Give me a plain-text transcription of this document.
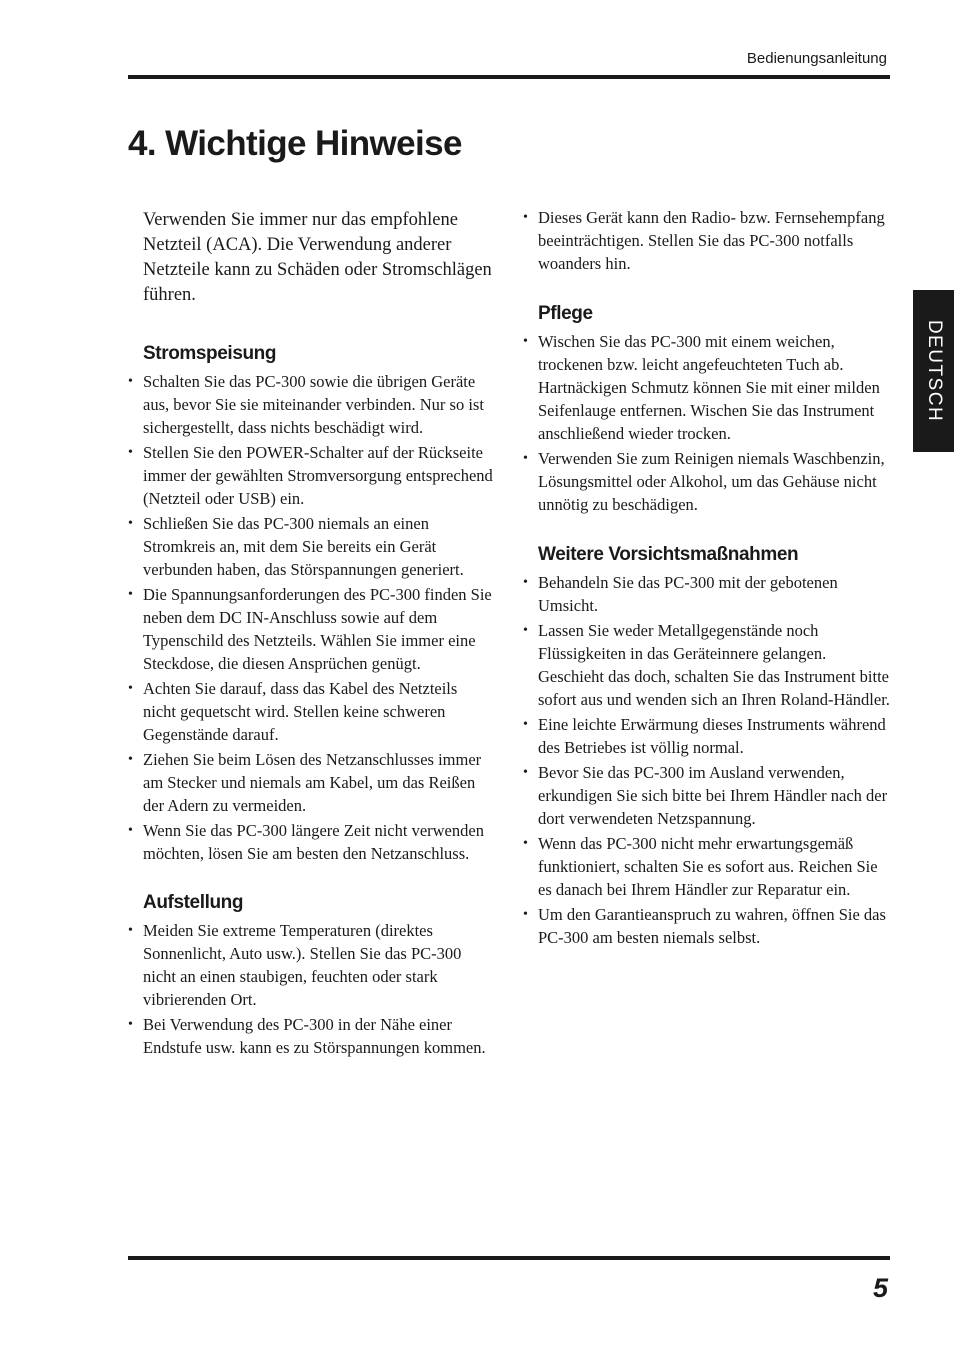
Bedienungsanleitung
4. Wichtige Hinweise
DEUTSCH

Verwenden Sie immer nur das empfohlene Netzteil (ACA). Die Verwendung anderer Netzteile kann zu Schäden oder Stromschlägen führen.

Stromspeisung
• Schalten Sie das PC-300 sowie die übrigen Geräte aus, bevor Sie sie miteinander verbinden. Nur so ist sichergestellt, dass nichts beschädigt wird.
• Stellen Sie den POWER-Schalter auf der Rückseite immer der gewählten Stromversorgung entsprechend (Netzteil oder USB) ein.
• Schließen Sie das PC-300 niemals an einen Stromkreis an, mit dem Sie bereits ein Gerät verbunden haben, das Störspannungen generiert.
• Die Spannungsanforderungen des PC-300 finden Sie neben dem DC IN-Anschluss sowie auf dem Typenschild des Netzteils. Wählen Sie immer eine Steckdose, die diesen Ansprüchen genügt.
• Achten Sie darauf, dass das Kabel des Netzteils nicht gequetscht wird. Stellen keine schweren Gegenstände darauf.
• Ziehen Sie beim Lösen des Netzanschlusses immer am Stecker und niemals am Kabel, um das Reißen der Adern zu vermeiden.
• Wenn Sie das PC-300 längere Zeit nicht verwenden möchten, lösen Sie am besten den Netzanschluss.
Aufstellung
• Meiden Sie extreme Temperaturen (direktes Sonnenlicht, Auto usw.). Stellen Sie das PC-300 nicht an einen staubigen, feuchten oder stark vibrierenden Ort.
• Bei Verwendung des PC-300 in der Nähe einer Endstufe usw. kann es zu Störspannungen kommen.
• Dieses Gerät kann den Radio- bzw. Fernsehempfang beeinträchtigen. Stellen Sie das PC-300 notfalls woanders hin.
Pflege
• Wischen Sie das PC-300 mit einem weichen, trockenen bzw. leicht angefeuchteten Tuch ab. Hartnäckigen Schmutz können Sie mit einer milden Seifenlauge entfernen. Wischen Sie das Instrument anschließend wieder trocken.
• Verwenden Sie zum Reinigen niemals Waschbenzin, Lösungsmittel oder Alkohol, um das Gehäuse nicht unnötig zu beschädigen.
Weitere Vorsichtsmaßnahmen
• Behandeln Sie das PC-300 mit der gebotenen Umsicht.
• Lassen Sie weder Metallgegenstände noch Flüssigkeiten in das Geräteinnere gelangen. Geschieht das doch, schalten Sie das Instrument bitte sofort aus und wenden sich an Ihren Roland-Händler.
• Eine leichte Erwärmung dieses Instruments während des Betriebes ist völlig normal.
• Bevor Sie das PC-300 im Ausland verwenden, erkundigen Sie sich bitte bei Ihrem Händler nach der dort verwendeten Netzspannung.
• Wenn das PC-300 nicht mehr erwartungsgemäß funktioniert, schalten Sie es sofort aus. Reichen Sie es danach bei Ihrem Händler zur Reparatur ein.
• Um den Garantieanspruch zu wahren, öffnen Sie das PC-300 am besten niemals selbst.
5
